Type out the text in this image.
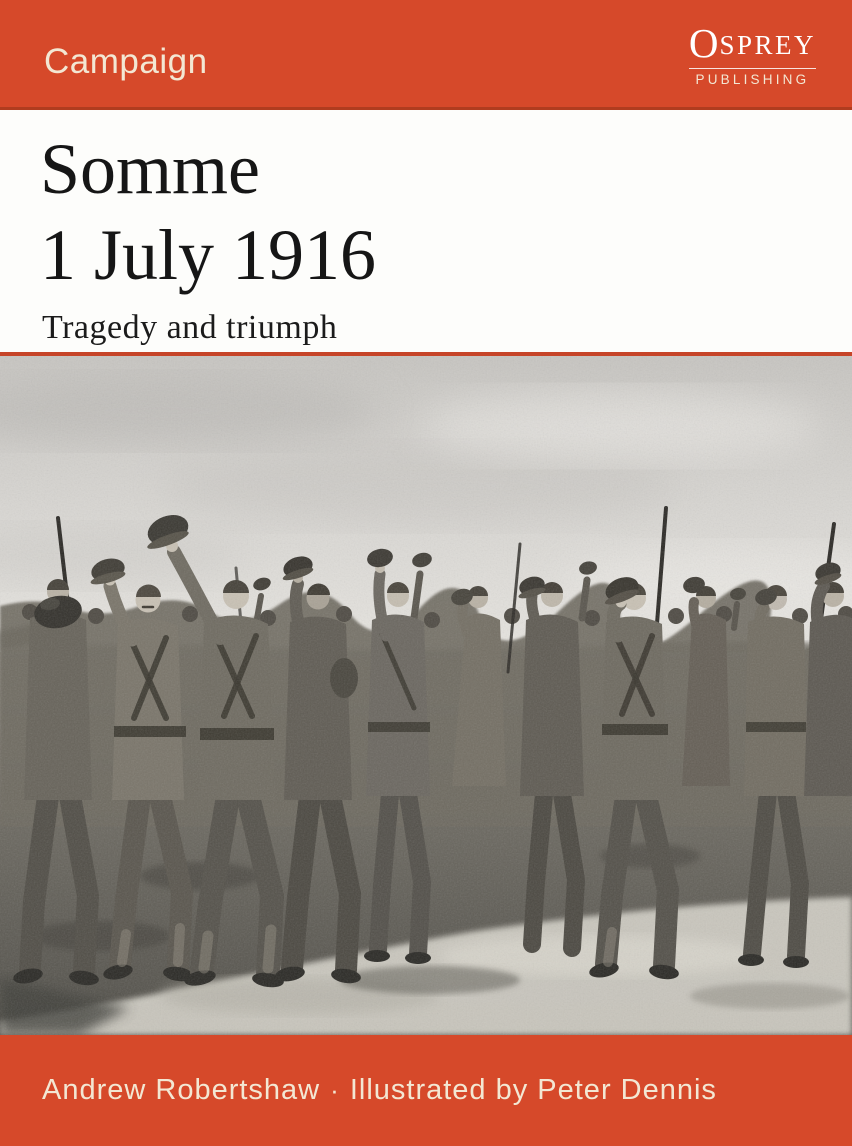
Campaign	OSPREY
PUBLISHING
Somme
1 July 1916
Tragedy and triumph

Andrew Robertshaw · Illustrated by Peter Dennis
